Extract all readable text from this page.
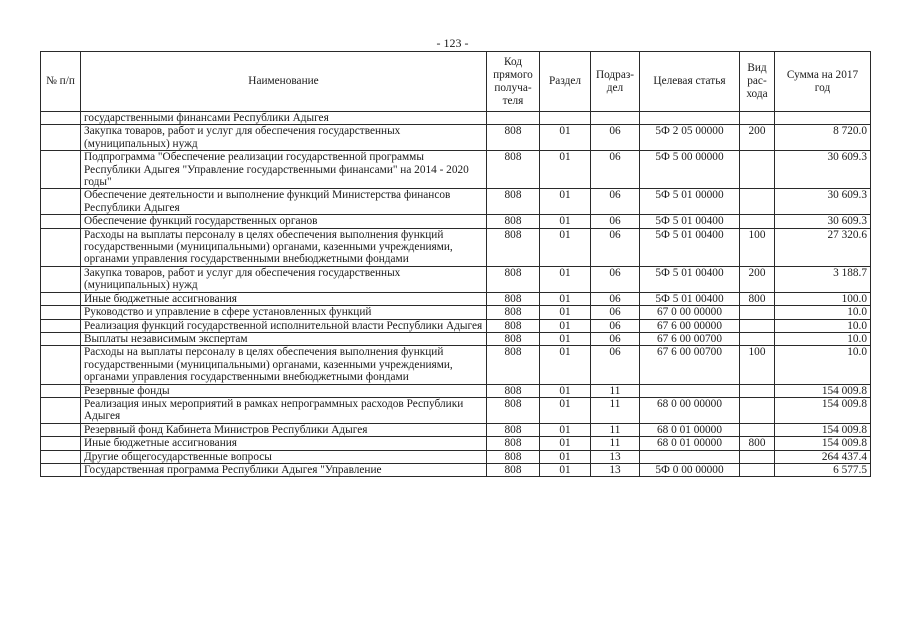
- 123 -
№ п/п	Наименование	Код прямого получа-теля	Раздел	Подраз-дел	Целевая статья	Вид рас-хода	Сумма на 2017 год
	государственными финансами Республики Адыгея						
	Закупка товаров, работ и услуг для обеспечения государственных (муниципальных) нужд	808	01	06	5Ф 2 05 00000	200	8 720.0
	Подпрограмма "Обеспечение реализации государственной программы Республики Адыгея "Управление государственными финансами" на 2014 - 2020 годы"	808	01	06	5Ф 5 00 00000		30 609.3
	Обеспечение деятельности и выполнение функций Министерства финансов Республики Адыгея	808	01	06	5Ф 5 01 00000		30 609.3
	Обеспечение функций государственных органов	808	01	06	5Ф 5 01 00400		30 609.3
	Расходы на выплаты персоналу в целях обеспечения выполнения функций государственными (муниципальными) органами, казенными учреждениями, органами управления государственными внебюджетными фондами	808	01	06	5Ф 5 01 00400	100	27 320.6
	Закупка товаров, работ и услуг для обеспечения государственных (муниципальных) нужд	808	01	06	5Ф 5 01 00400	200	3 188.7
	Иные бюджетные ассигнования	808	01	06	5Ф 5 01 00400	800	100.0
	Руководство и управление в сфере установленных функций	808	01	06	67 0 00 00000		10.0
	Реализация функций государственной исполнительной власти Республики Адыгея	808	01	06	67 6 00 00000		10.0
	Выплаты независимым экспертам	808	01	06	67 6 00 00700		10.0
	Расходы на выплаты персоналу в целях обеспечения выполнения функций государственными (муниципальными) органами, казенными учреждениями, органами управления государственными внебюджетными фондами	808	01	06	67 6 00 00700	100	10.0
	Резервные фонды	808	01	11			154 009.8
	Реализация иных мероприятий в рамках непрограммных расходов Республики Адыгея	808	01	11	68 0 00 00000		154 009.8
	Резервный фонд Кабинета Министров Республики Адыгея	808	01	11	68 0 01 00000		154 009.8
	Иные бюджетные ассигнования	808	01	11	68 0 01 00000	800	154 009.8
	Другие общегосударственные вопросы	808	01	13			264 437.4
	Государственная программа Республики Адыгея "Управление	808	01	13	5Ф 0 00 00000		6 577.5
